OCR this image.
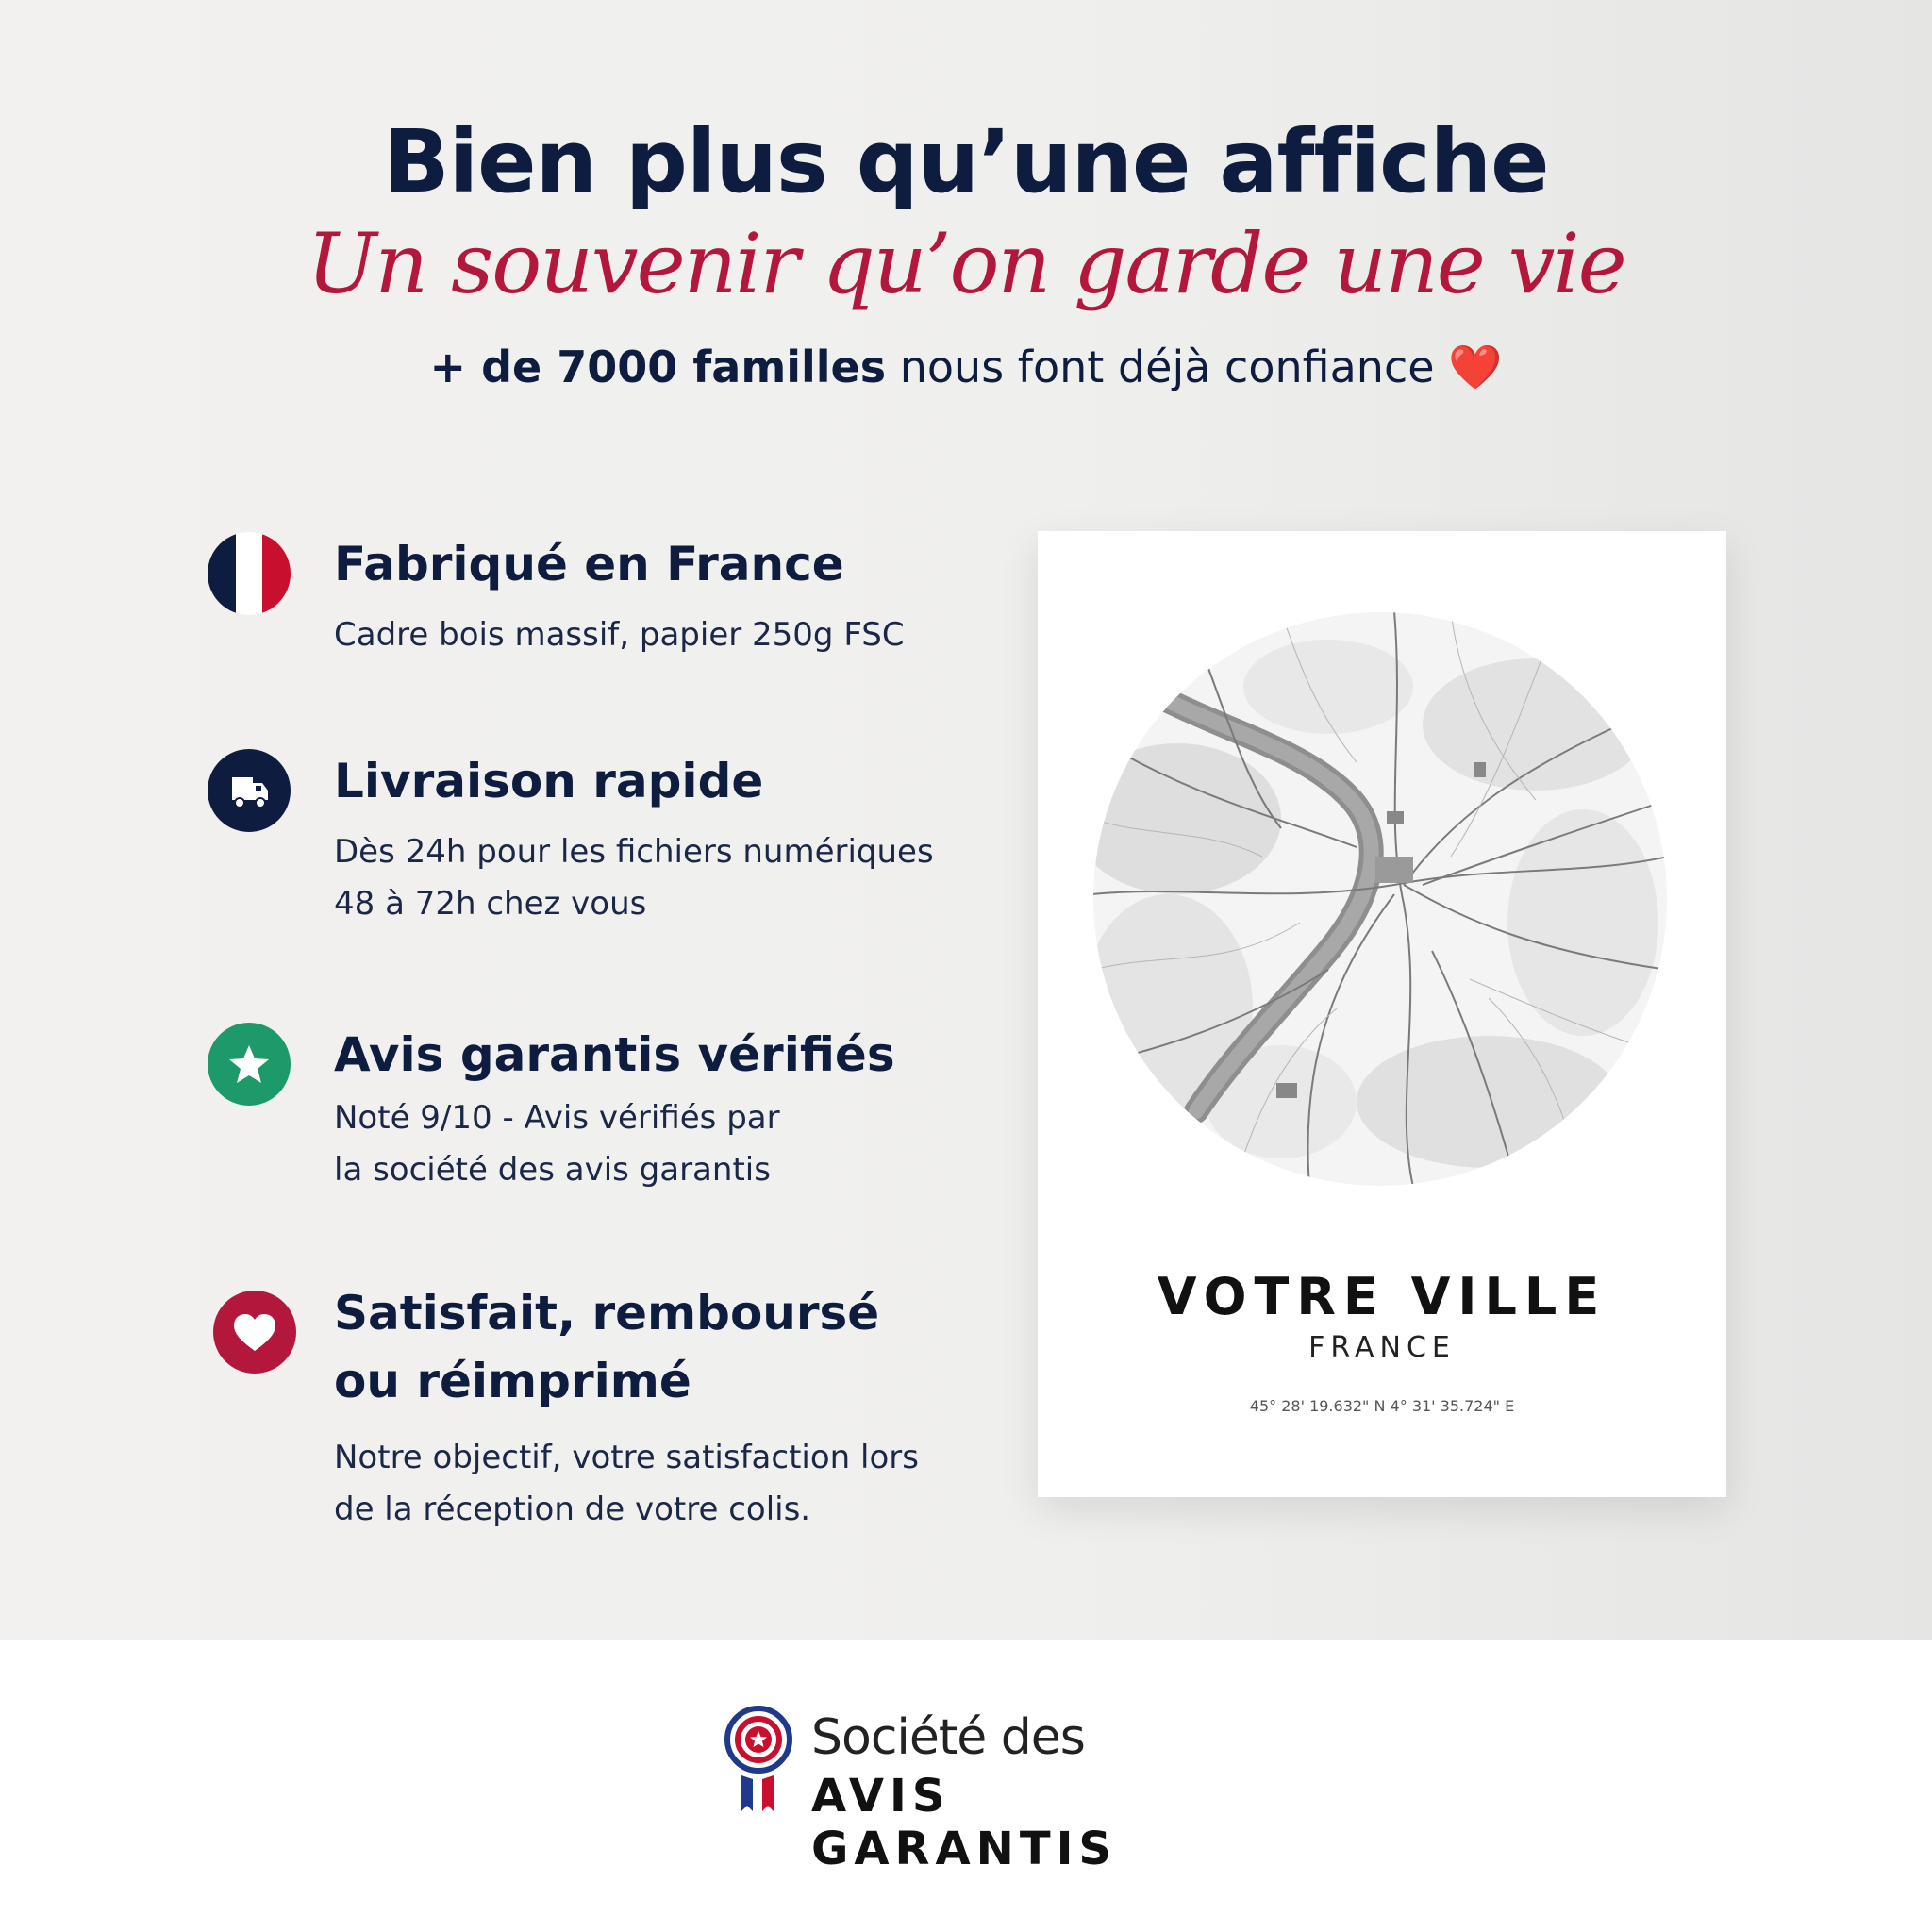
Bien plus qu’une affiche
Un souvenir qu’on garde une vie
+ de 7000 familles nous font déjà confiance ❤️
Fabriqué en France
Cadre bois massif, papier 250g FSC
Livraison rapide
Dès 24h pour les fichiers numériques
48 à 72h chez vous
Avis garantis vérifiés
Noté 9/10 - Avis vérifiés par
la société des avis garantis
Satisfait, remboursé
ou réimprimé
Notre objectif, votre satisfaction lors
de la réception de votre colis.
VOTRE VILLE
FRANCE
45° 28' 19.632" N 4° 31' 35.724" E
Société des
AVIS GARANTIS
